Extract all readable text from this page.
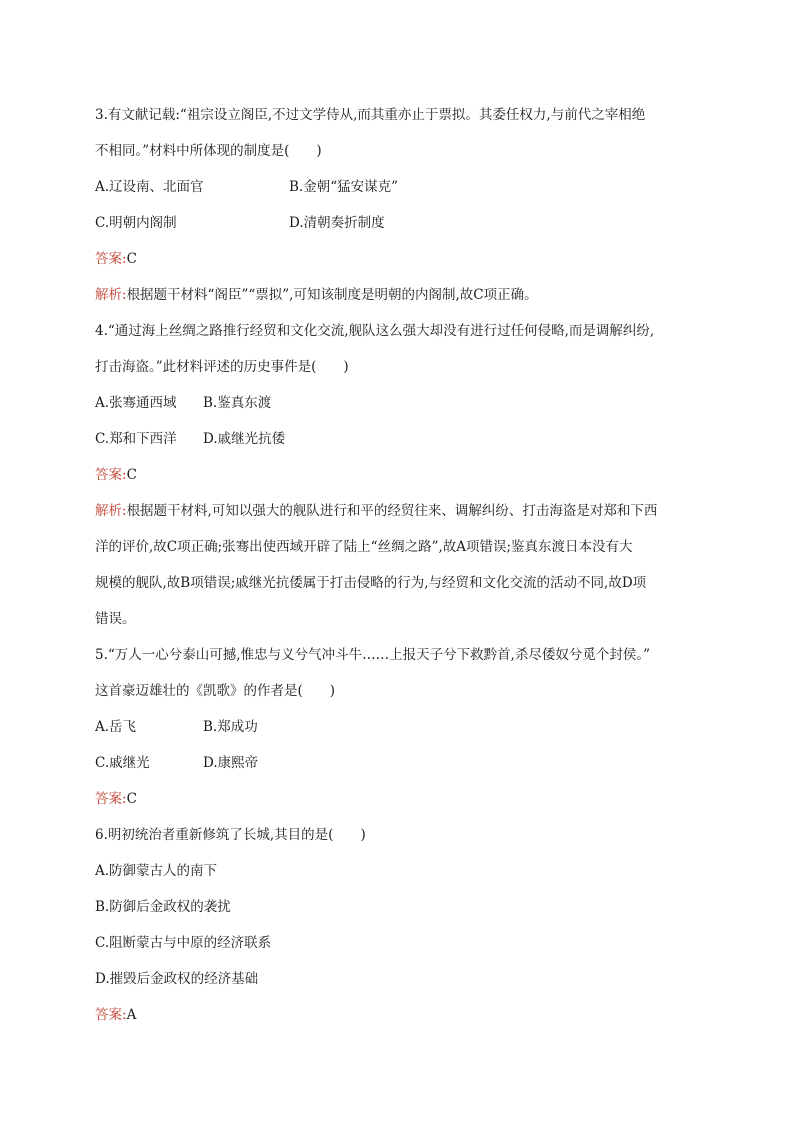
3.有文献记载:“祖宗设立阁臣,不过文学侍从,而其重亦止于票拟。其委任权力,与前代之宰相绝
不相同。”材料中所体现的制度是(　　)
A.辽设南、北面官	B.金朝“猛安谋克”
C.明朝内阁制	D.清朝奏折制度
答案:C
解析:根据题干材料“阁臣”“票拟”,可知该制度是明朝的内阁制,故C项正确。
4.“通过海上丝绸之路推行经贸和文化交流,舰队这么强大却没有进行过任何侵略,而是调解纠纷,
打击海盗。”此材料评述的历史事件是(　　)
A.张骞通西域 B.鉴真东渡
C.郑和下西洋 D.戚继光抗倭
答案:C
解析:根据题干材料,可知以强大的舰队进行和平的经贸往来、调解纠纷、打击海盗是对郑和下西
洋的评价,故C项正确;张骞出使西域开辟了陆上“丝绸之路”,故A项错误;鉴真东渡日本没有大
规模的舰队,故B项错误;戚继光抗倭属于打击侵略的行为,与经贸和文化交流的活动不同,故D项
错误。
5.“万人一心兮泰山可撼,惟忠与义兮气冲斗牛……上报天子兮下救黔首,杀尽倭奴兮觅个封侯。”
这首豪迈雄壮的《凯歌》的作者是(　　)
A.岳飞	B.郑成功
C.戚继光	D.康熙帝
答案:C
6.明初统治者重新修筑了长城,其目的是(　　)
A.防御蒙古人的南下
B.防御后金政权的袭扰
C.阻断蒙古与中原的经济联系
D.摧毁后金政权的经济基础
答案:A
